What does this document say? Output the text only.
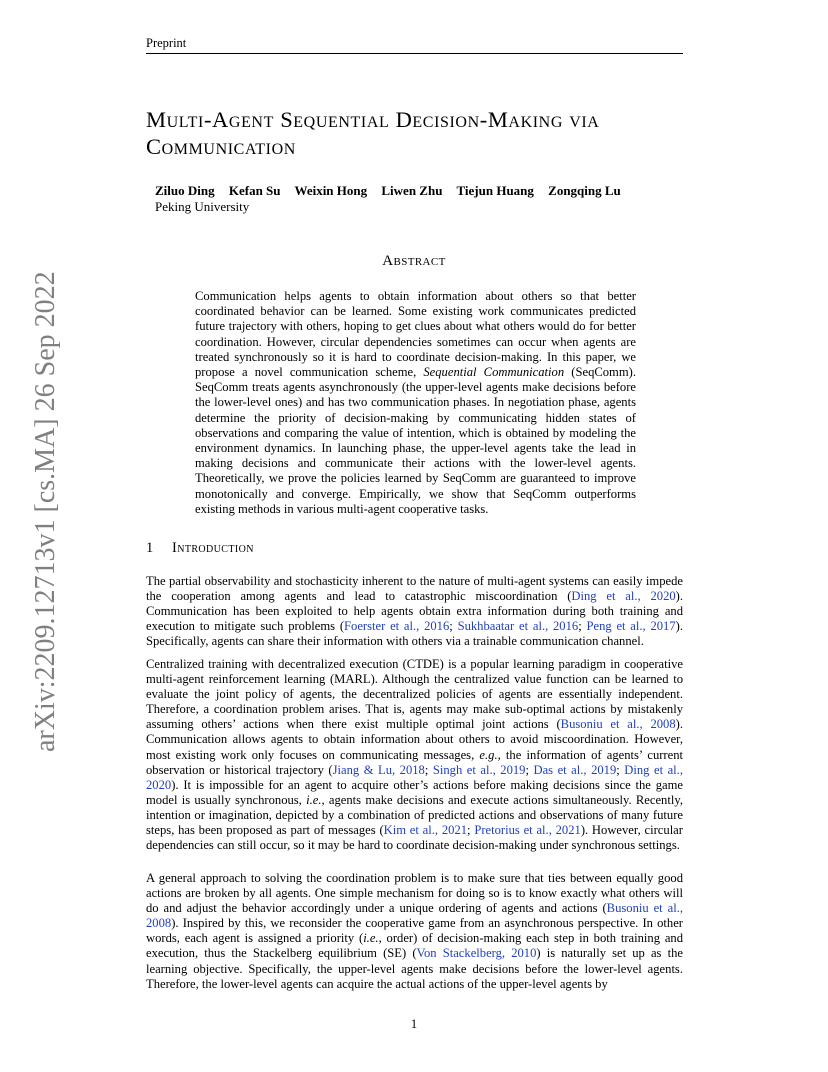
Preprint
arXiv:2209.12713v1 [cs.MA] 26 Sep 2022
Multi-Agent Sequential Decision-Making via
Communication
Ziluo Ding Kefan Su Weixin Hong Liwen Zhu Tiejun Huang Zongqing Lu
Peking University
Abstract
Communication helps agents to obtain information about others so that better coordinated behavior can be learned. Some existing work communicates predicted future trajectory with others, hoping to get clues about what others would do for better coordination. However, circular dependencies sometimes can occur when agents are treated synchronously so it is hard to coordinate decision-making. In this paper, we propose a novel communication scheme, Sequential Communication (SeqComm). SeqComm treats agents asynchronously (the upper-level agents make decisions before the lower-level ones) and has two communication phases. In negotiation phase, agents determine the priority of decision-making by communicating hidden states of observations and comparing the value of intention, which is obtained by modeling the environment dynamics. In launching phase, the upper-level agents take the lead in making decisions and communicate their actions with the lower-level agents. Theoretically, we prove the policies learned by SeqComm are guaranteed to improve monotonically and converge. Empirically, we show that SeqComm outperforms existing methods in various multi-agent cooperative tasks.
1 Introduction

The partial observability and stochasticity inherent to the nature of multi-agent systems can easily impede the cooperation among agents and lead to catastrophic miscoordination (Ding et al., 2020). Communication has been exploited to help agents obtain extra information during both training and execution to mitigate such problems (Foerster et al., 2016; Sukhbaatar et al., 2016; Peng et al., 2017). Specifically, agents can share their information with others via a trainable communication channel.

Centralized training with decentralized execution (CTDE) is a popular learning paradigm in cooperative multi-agent reinforcement learning (MARL). Although the centralized value function can be learned to evaluate the joint policy of agents, the decentralized policies of agents are essentially independent. Therefore, a coordination problem arises. That is, agents may make sub-optimal actions by mistakenly assuming others’ actions when there exist multiple optimal joint actions (Busoniu et al., 2008). Communication allows agents to obtain information about others to avoid miscoordination. However, most existing work only focuses on communicating messages, e.g., the information of agents’ current observation or historical trajectory (Jiang & Lu, 2018; Singh et al., 2019; Das et al., 2019; Ding et al., 2020). It is impossible for an agent to acquire other’s actions before making decisions since the game model is usually synchronous, i.e., agents make decisions and execute actions simultaneously. Recently, intention or imagination, depicted by a combination of predicted actions and observations of many future steps, has been proposed as part of messages (Kim et al., 2021; Pretorius et al., 2021). However, circular dependencies can still occur, so it may be hard to coordinate decision-making under synchronous settings.

A general approach to solving the coordination problem is to make sure that ties between equally good actions are broken by all agents. One simple mechanism for doing so is to know exactly what others will do and adjust the behavior accordingly under a unique ordering of agents and actions (Busoniu et al., 2008). Inspired by this, we reconsider the cooperative game from an asynchronous perspective. In other words, each agent is assigned a priority (i.e., order) of decision-making each step in both training and execution, thus the Stackelberg equilibrium (SE) (Von Stackelberg, 2010) is naturally set up as the learning objective. Specifically, the upper-level agents make decisions before the lower-level agents. Therefore, the lower-level agents can acquire the actual actions of the upper-level agents by

1
